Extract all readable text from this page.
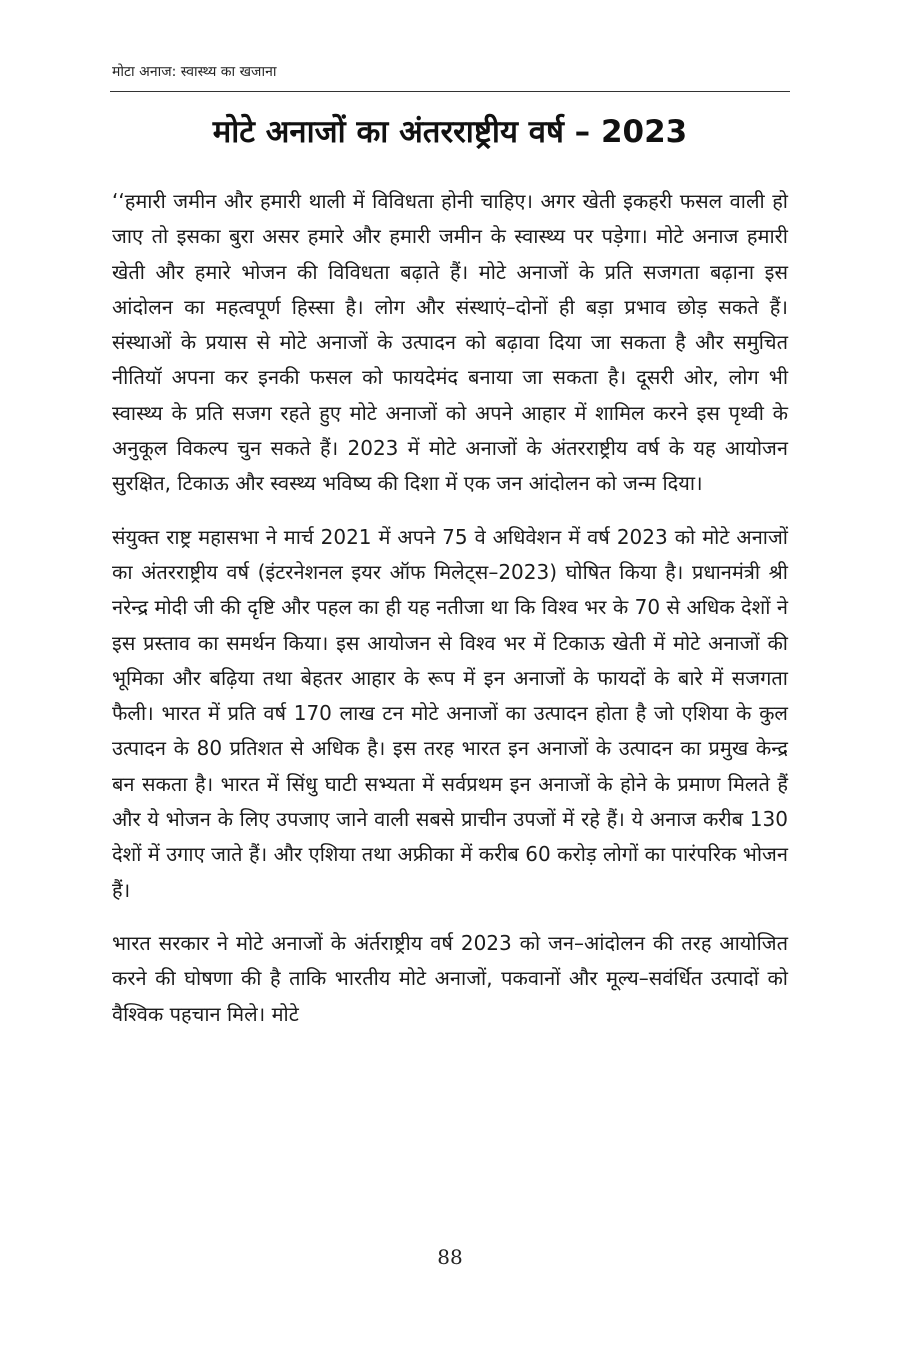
मोटा अनाज: स्वास्थ्य का खजाना
मोटे अनाजों का अंतरराष्ट्रीय वर्ष – 2023

‘‘हमारी जमीन और हमारी थाली में विविधता होनी चाहिए। अगर खेती इकहरी फसल वाली हो जाए तो इसका बुरा असर हमारे और हमारी जमीन के स्वास्थ्य पर पड़ेगा। मोटे अनाज हमारी खेती और हमारे भोजन की विविधता बढ़ाते हैं। मोटे अनाजों के प्रति सजगता बढ़ाना इस आंदोलन का महत्वपूर्ण हिस्सा है। लोग और संस्थाएं–दोनों ही बड़ा प्रभाव छोड़ सकते हैं। संस्थाओं के प्रयास से मोटे अनाजों के उत्पादन को बढ़ावा दिया जा सकता है और समुचित नीतियॉ अपना कर इनकी फसल को फायदेमंद बनाया जा सकता है। दूसरी ओर, लोग भी स्वास्थ्य के प्रति सजग रहते हुए मोटे अनाजों को अपने आहार में शामिल करने इस पृथ्वी के अनुकूल विकल्प चुन सकते हैं। 2023 में मोटे अनाजों के अंतरराष्ट्रीय वर्ष के यह आयोजन सुरक्षित, टिकाऊ और स्वस्थ्य भविष्य की दिशा में एक जन आंदोलन को जन्म दिया।

संयुक्त राष्ट्र महासभा ने मार्च 2021 में अपने 75 वे अधिवेशन में वर्ष 2023 को मोटे अनाजों का अंतरराष्ट्रीय वर्ष (इंटरनेशनल इयर ऑफ मिलेट्स–2023) घोषित किया है। प्रधानमंत्री श्री नरेन्द्र मोदी जी की दृष्टि और पहल का ही यह नतीजा था कि विश्व भर के 70 से अधिक देशों ने इस प्रस्ताव का समर्थन किया। इस आयोजन से विश्व भर में टिकाऊ खेती में मोटे अनाजों की भूमिका और बढ़िया तथा बेहतर आहार के रूप में इन अनाजों के फायदों के बारे में सजगता फैली। भारत में प्रति वर्ष 170 लाख टन मोटे अनाजों का उत्पादन होता है जो एशिया के कुल उत्पादन के 80 प्रतिशत से अधिक है। इस तरह भारत इन अनाजों के उत्पादन का प्रमुख केन्द्र बन सकता है। भारत में सिंधु घाटी सभ्यता में सर्वप्रथम इन अनाजों के होने के प्रमाण मिलते हैं और ये भोजन के लिए उपजाए जाने वाली सबसे प्राचीन उपजों में रहे हैं। ये अनाज करीब 130 देशों में उगाए जाते हैं। और एशिया तथा अफ्रीका में करीब 60 करोड़ लोगों का पारंपरिक भोजन हैं।

भारत सरकार ने मोटे अनाजों के अंर्तराष्ट्रीय वर्ष 2023 को जन–आंदोलन की तरह आयोजित करने की घोषणा की है ताकि भारतीय मोटे अनाजों, पकवानों और मूल्य–सवंर्धित उत्पादों को वैश्विक पहचान मिले। मोटे

88
